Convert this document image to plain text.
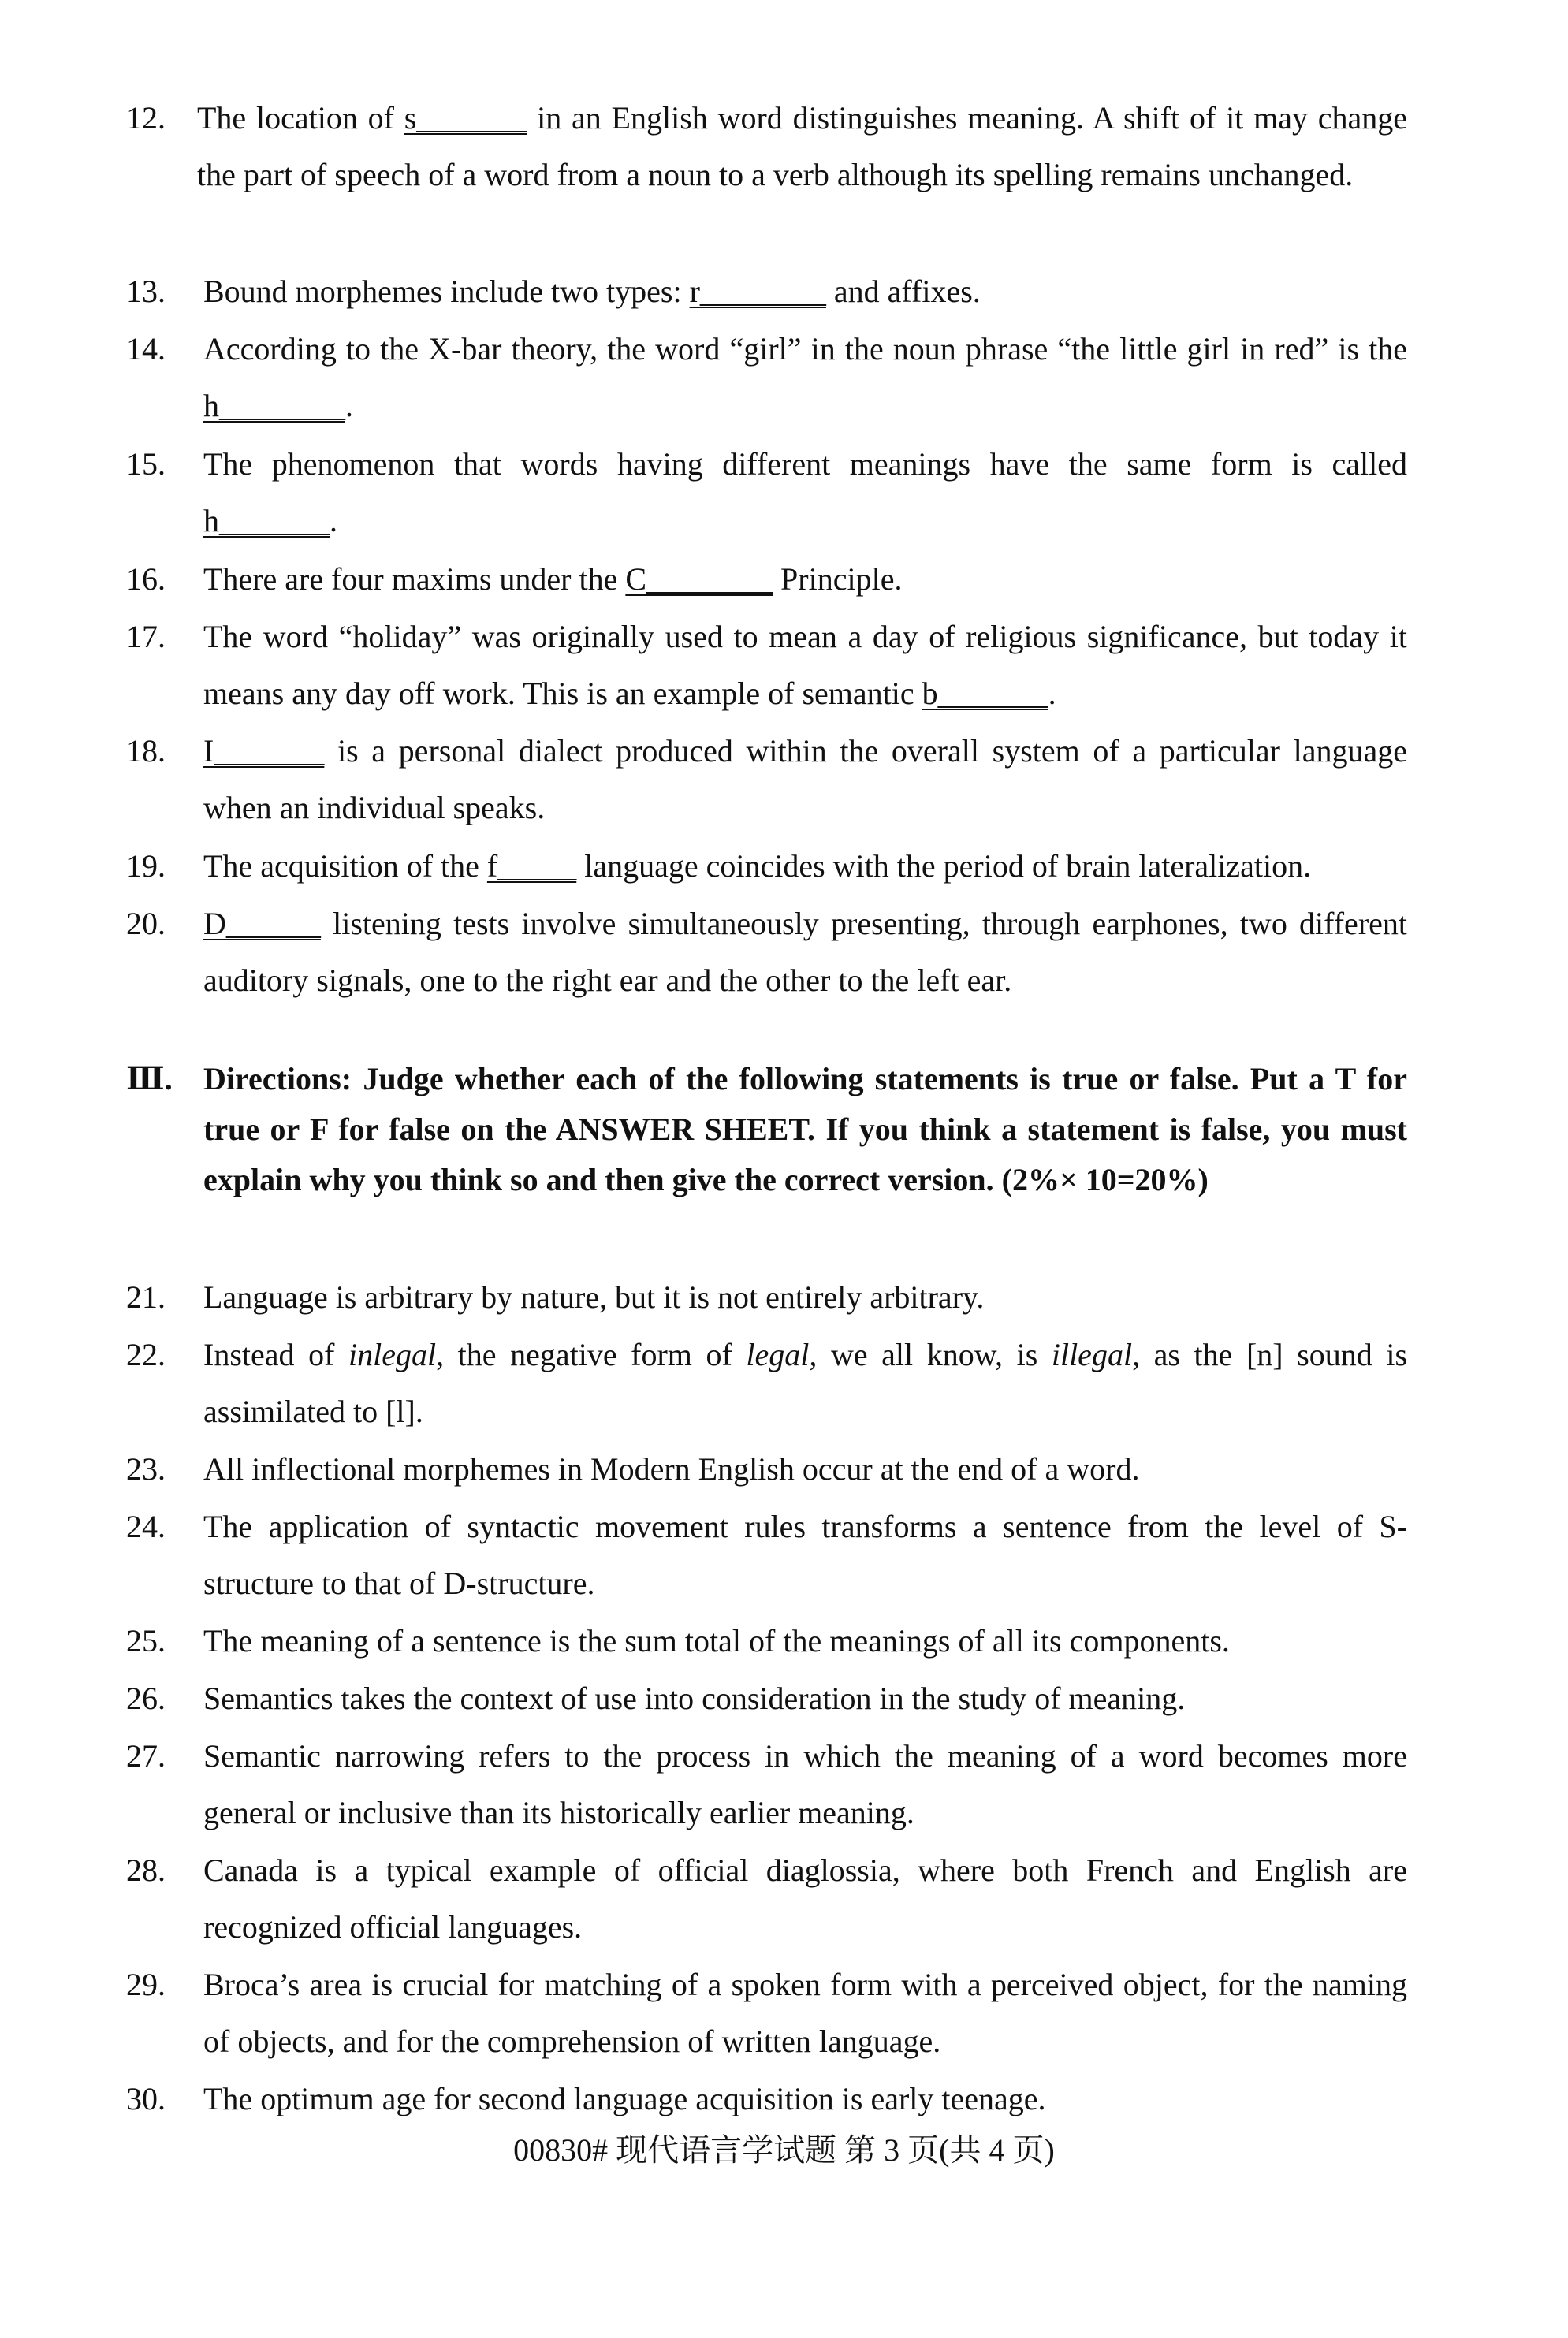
12.	The location of s_______ in an English word distinguishes meaning. A shift of it may change the part of speech of a word from a noun to a verb although its spelling remains unchanged.
13.	Bound morphemes include two types: r________ and affixes.
14.	According to the X-bar theory, the word “girl” in the noun phrase “the little girl in red” is the h________.
15.	The phenomenon that words having different meanings have the same form is called h_______.
16.	There are four maxims under the C________ Principle.
17.	The word “holiday” was originally used to mean a day of religious significance, but today it means any day off work. This is an example of semantic b_______.
18.	I_______ is a personal dialect produced within the overall system of a particular language when an individual speaks.
19.	The acquisition of the f_____ language coincides with the period of brain lateralization.
20.	D______ listening tests involve simultaneously presenting, through earphones, two different auditory signals, one to the right ear and the other to the left ear.
Ⅲ. Directions: Judge whether each of the following statements is true or false. Put a T for true or F for false on the ANSWER SHEET. If you think a statement is false, you must explain why you think so and then give the correct version. (2%× 10=20%)
21.	Language is arbitrary by nature, but it is not entirely arbitrary.
22.	Instead of inlegal, the negative form of legal, we all know, is illegal, as the [n] sound is assimilated to [l].
23.	All inflectional morphemes in Modern English occur at the end of a word.
24.	The application of syntactic movement rules transforms a sentence from the level of S-structure to that of D-structure.
25.	The meaning of a sentence is the sum total of the meanings of all its components.
26.	Semantics takes the context of use into consideration in the study of meaning.
27.	Semantic narrowing refers to the process in which the meaning of a word becomes more general or inclusive than its historically earlier meaning.
28.	Canada is a typical example of official diaglossia, where both French and English are recognized official languages.
29.	Broca’s area is crucial for matching of a spoken form with a perceived object, for the naming of objects, and for the comprehension of written language.
30.	The optimum age for second language acquisition is early teenage.
00830# 现代语言学试题 第 3 页(共 4 页)
